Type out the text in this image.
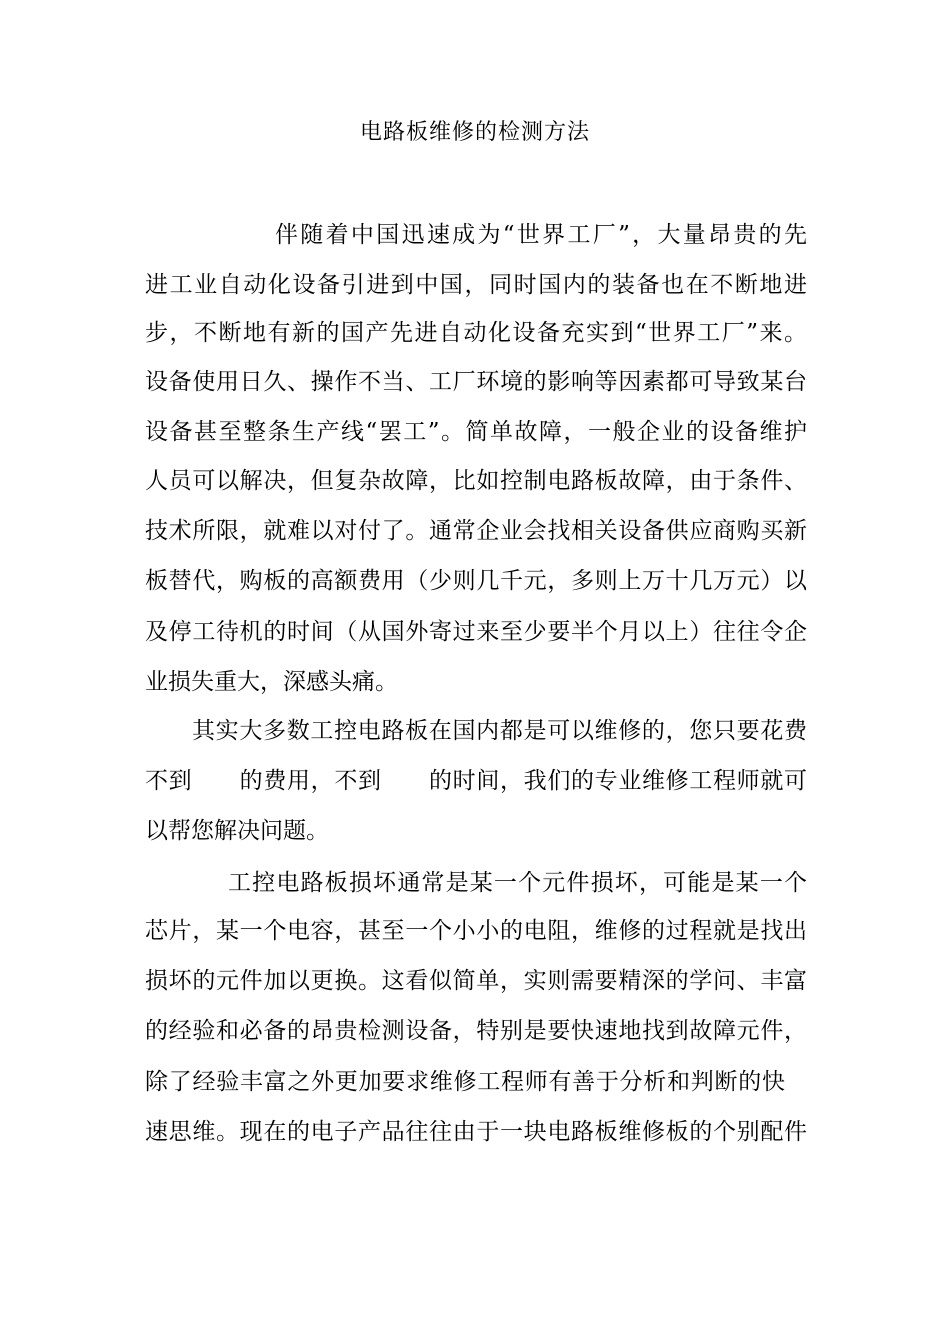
电路板维修的检测方法
伴随着中国迅速成为“世界工厂”，大量昂贵的先
进工业自动化设备引进到中国，同时国内的装备也在不断地进
步，不断地有新的国产先进自动化设备充实到“世界工厂”来。
设备使用日久、操作不当、工厂环境的影响等因素都可导致某台
设备甚至整条生产线“罢工”。简单故障，一般企业的设备维护
人员可以解决，但复杂故障，比如控制电路板故障，由于条件、
技术所限，就难以对付了。通常企业会找相关设备供应商购买新
板替代，购板的高额费用（少则几千元，多则上万十几万元）以
及停工待机的时间（从国外寄过来至少要半个月以上）往往令企
业损失重大，深感头痛。
其实大多数工控电路板在国内都是可以维修的，您只要花费
不到　　的费用，不到　　的时间，我们的专业维修工程师就可
以帮您解决问题。
工控电路板损坏通常是某一个元件损坏，可能是某一个
芯片，某一个电容，甚至一个小小的电阻，维修的过程就是找出
损坏的元件加以更换。这看似简单，实则需要精深的学问、丰富
的经验和必备的昂贵检测设备，特别是要快速地找到故障元件，
除了经验丰富之外更加要求维修工程师有善于分析和判断的快
速思维。现在的电子产品往往由于一块电路板维修板的个别配件
